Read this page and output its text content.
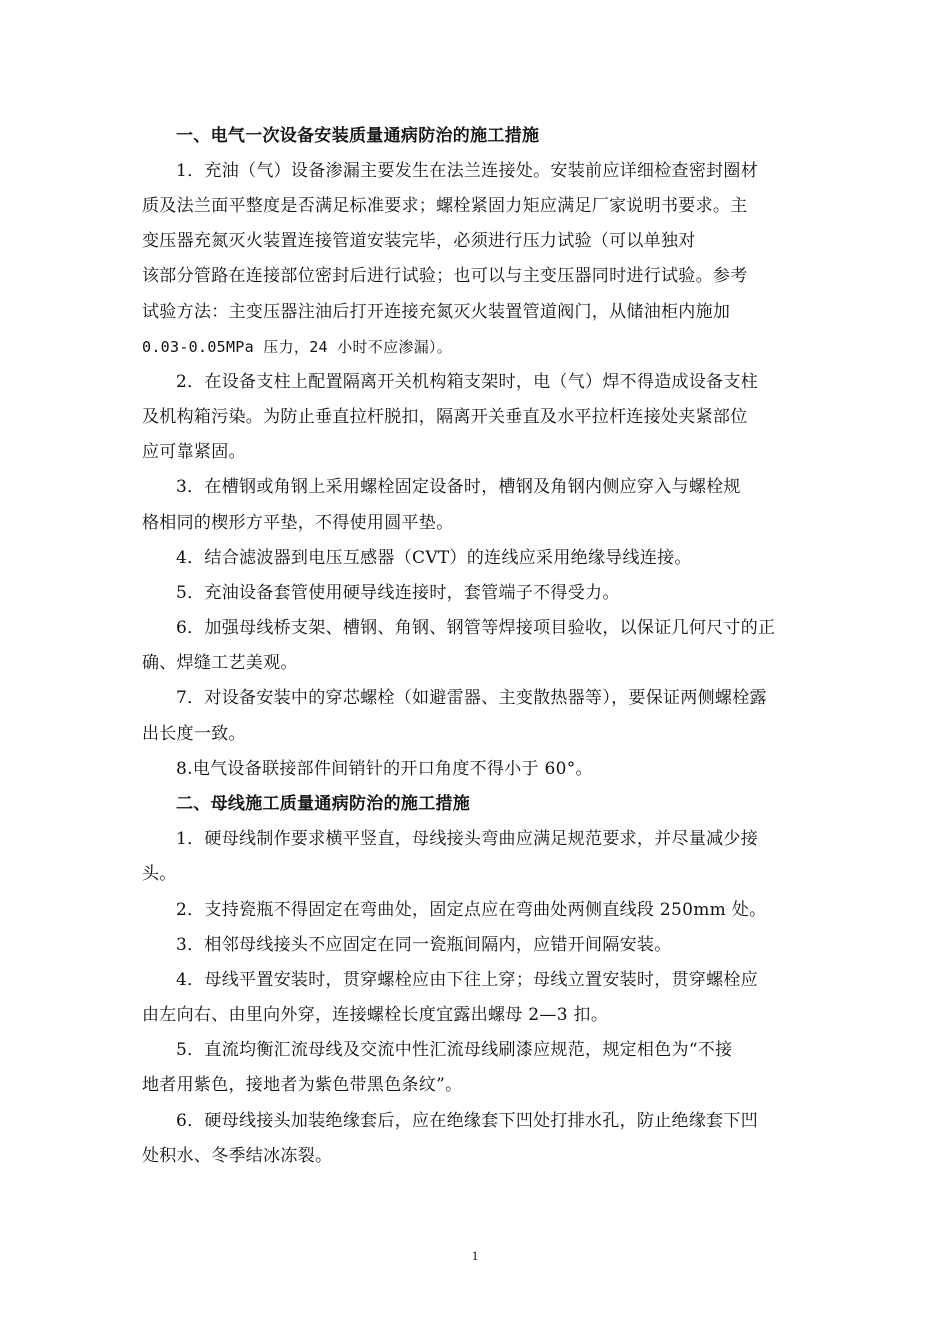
一、电气一次设备安装质量通病防治的施工措施
1．充油（气）设备渗漏主要发生在法兰连接处。安装前应详细检查密封圈材
质及法兰面平整度是否满足标准要求；螺栓紧固力矩应满足厂家说明书要求。主
变压器充氮灭火装置连接管道安装完毕，必须进行压力试验（可以单独对
该部分管路在连接部位密封后进行试验；也可以与主变压器同时进行试验。参考
试验方法：主变压器注油后打开连接充氮灭火装置管道阀门，从储油柜内施加
0.03-0.05MPa 压力，24 小时不应渗漏）。
2．在设备支柱上配置隔离开关机构箱支架时，电（气）焊不得造成设备支柱
及机构箱污染。为防止垂直拉杆脱扣，隔离开关垂直及水平拉杆连接处夹紧部位
应可靠紧固。
3．在槽钢或角钢上采用螺栓固定设备时，槽钢及角钢内侧应穿入与螺栓规
格相同的楔形方平垫，不得使用圆平垫。
4．结合滤波器到电压互感器（CVT）的连线应采用绝缘导线连接。
5．充油设备套管使用硬导线连接时，套管端子不得受力。
6．加强母线桥支架、槽钢、角钢、钢管等焊接项目验收，以保证几何尺寸的正
确、焊缝工艺美观。
7．对设备安装中的穿芯螺栓（如避雷器、主变散热器等），要保证两侧螺栓露
出长度一致。
8.电气设备联接部件间销针的开口角度不得小于 60°。
二、母线施工质量通病防治的施工措施
1．硬母线制作要求横平竖直，母线接头弯曲应满足规范要求，并尽量减少接
头。
2．支持瓷瓶不得固定在弯曲处，固定点应在弯曲处两侧直线段 250mm 处。
3．相邻母线接头不应固定在同一瓷瓶间隔内，应错开间隔安装。
4．母线平置安装时，贯穿螺栓应由下往上穿；母线立置安装时，贯穿螺栓应
由左向右、由里向外穿，连接螺栓长度宜露出螺母 2—3 扣。
5．直流均衡汇流母线及交流中性汇流母线刷漆应规范，规定相色为“不接
地者用紫色，接地者为紫色带黑色条纹”。
6．硬母线接头加装绝缘套后，应在绝缘套下凹处打排水孔，防止绝缘套下凹
处积水、冬季结冰冻裂。
1
